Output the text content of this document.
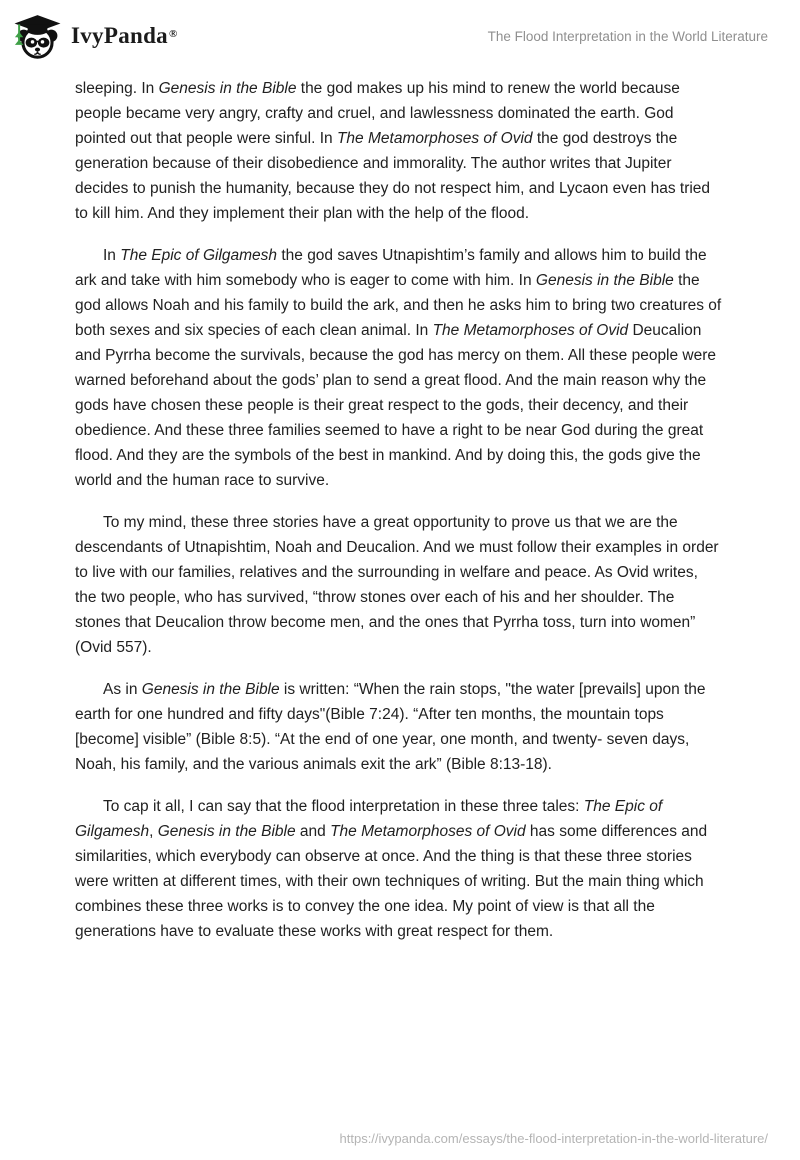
IvyPanda®	The Flood Interpretation in the World Literature

sleeping. In Genesis in the Bible the god makes up his mind to renew the world because people became very angry, crafty and cruel, and lawlessness dominated the earth. God pointed out that people were sinful. In The Metamorphoses of Ovid the god destroys the generation because of their disobedience and immorality. The author writes that Jupiter decides to punish the humanity, because they do not respect him, and Lycaon even has tried to kill him. And they implement their plan with the help of the flood.

In The Epic of Gilgamesh the god saves Utnapishtim’s family and allows him to build the ark and take with him somebody who is eager to come with him. In Genesis in the Bible the god allows Noah and his family to build the ark, and then he asks him to bring two creatures of both sexes and six species of each clean animal. In The Metamorphoses of Ovid Deucalion and Pyrrha become the survivals, because the god has mercy on them. All these people were warned beforehand about the gods’ plan to send a great flood. And the main reason why the gods have chosen these people is their great respect to the gods, their decency, and their obedience. And these three families seemed to have a right to be near God during the great flood. And they are the symbols of the best in mankind. And by doing this, the gods give the world and the human race to survive.

To my mind, these three stories have a great opportunity to prove us that we are the descendants of Utnapishtim, Noah and Deucalion. And we must follow their examples in order to live with our families, relatives and the surrounding in welfare and peace. As Ovid writes, the two people, who has survived, “throw stones over each of his and her shoulder. The stones that Deucalion throw become men, and the ones that Pyrrha toss, turn into women” (Ovid 557).

As in Genesis in the Bible is written: “When the rain stops, "the water [prevails] upon the earth for one hundred and fifty days"(Bible 7:24). “After ten months, the mountain tops [become] visible” (Bible 8:5). “At the end of one year, one month, and twenty- seven days, Noah, his family, and the various animals exit the ark” (Bible 8:13-18).

To cap it all, I can say that the flood interpretation in these three tales: The Epic of Gilgamesh, Genesis in the Bible and The Metamorphoses of Ovid has some differences and similarities, which everybody can observe at once. And the thing is that these three stories were written at different times, with their own techniques of writing. But the main thing which combines these three works is to convey the one idea. My point of view is that all the generations have to evaluate these works with great respect for them.

https://ivypanda.com/essays/the-flood-interpretation-in-the-world-literature/
